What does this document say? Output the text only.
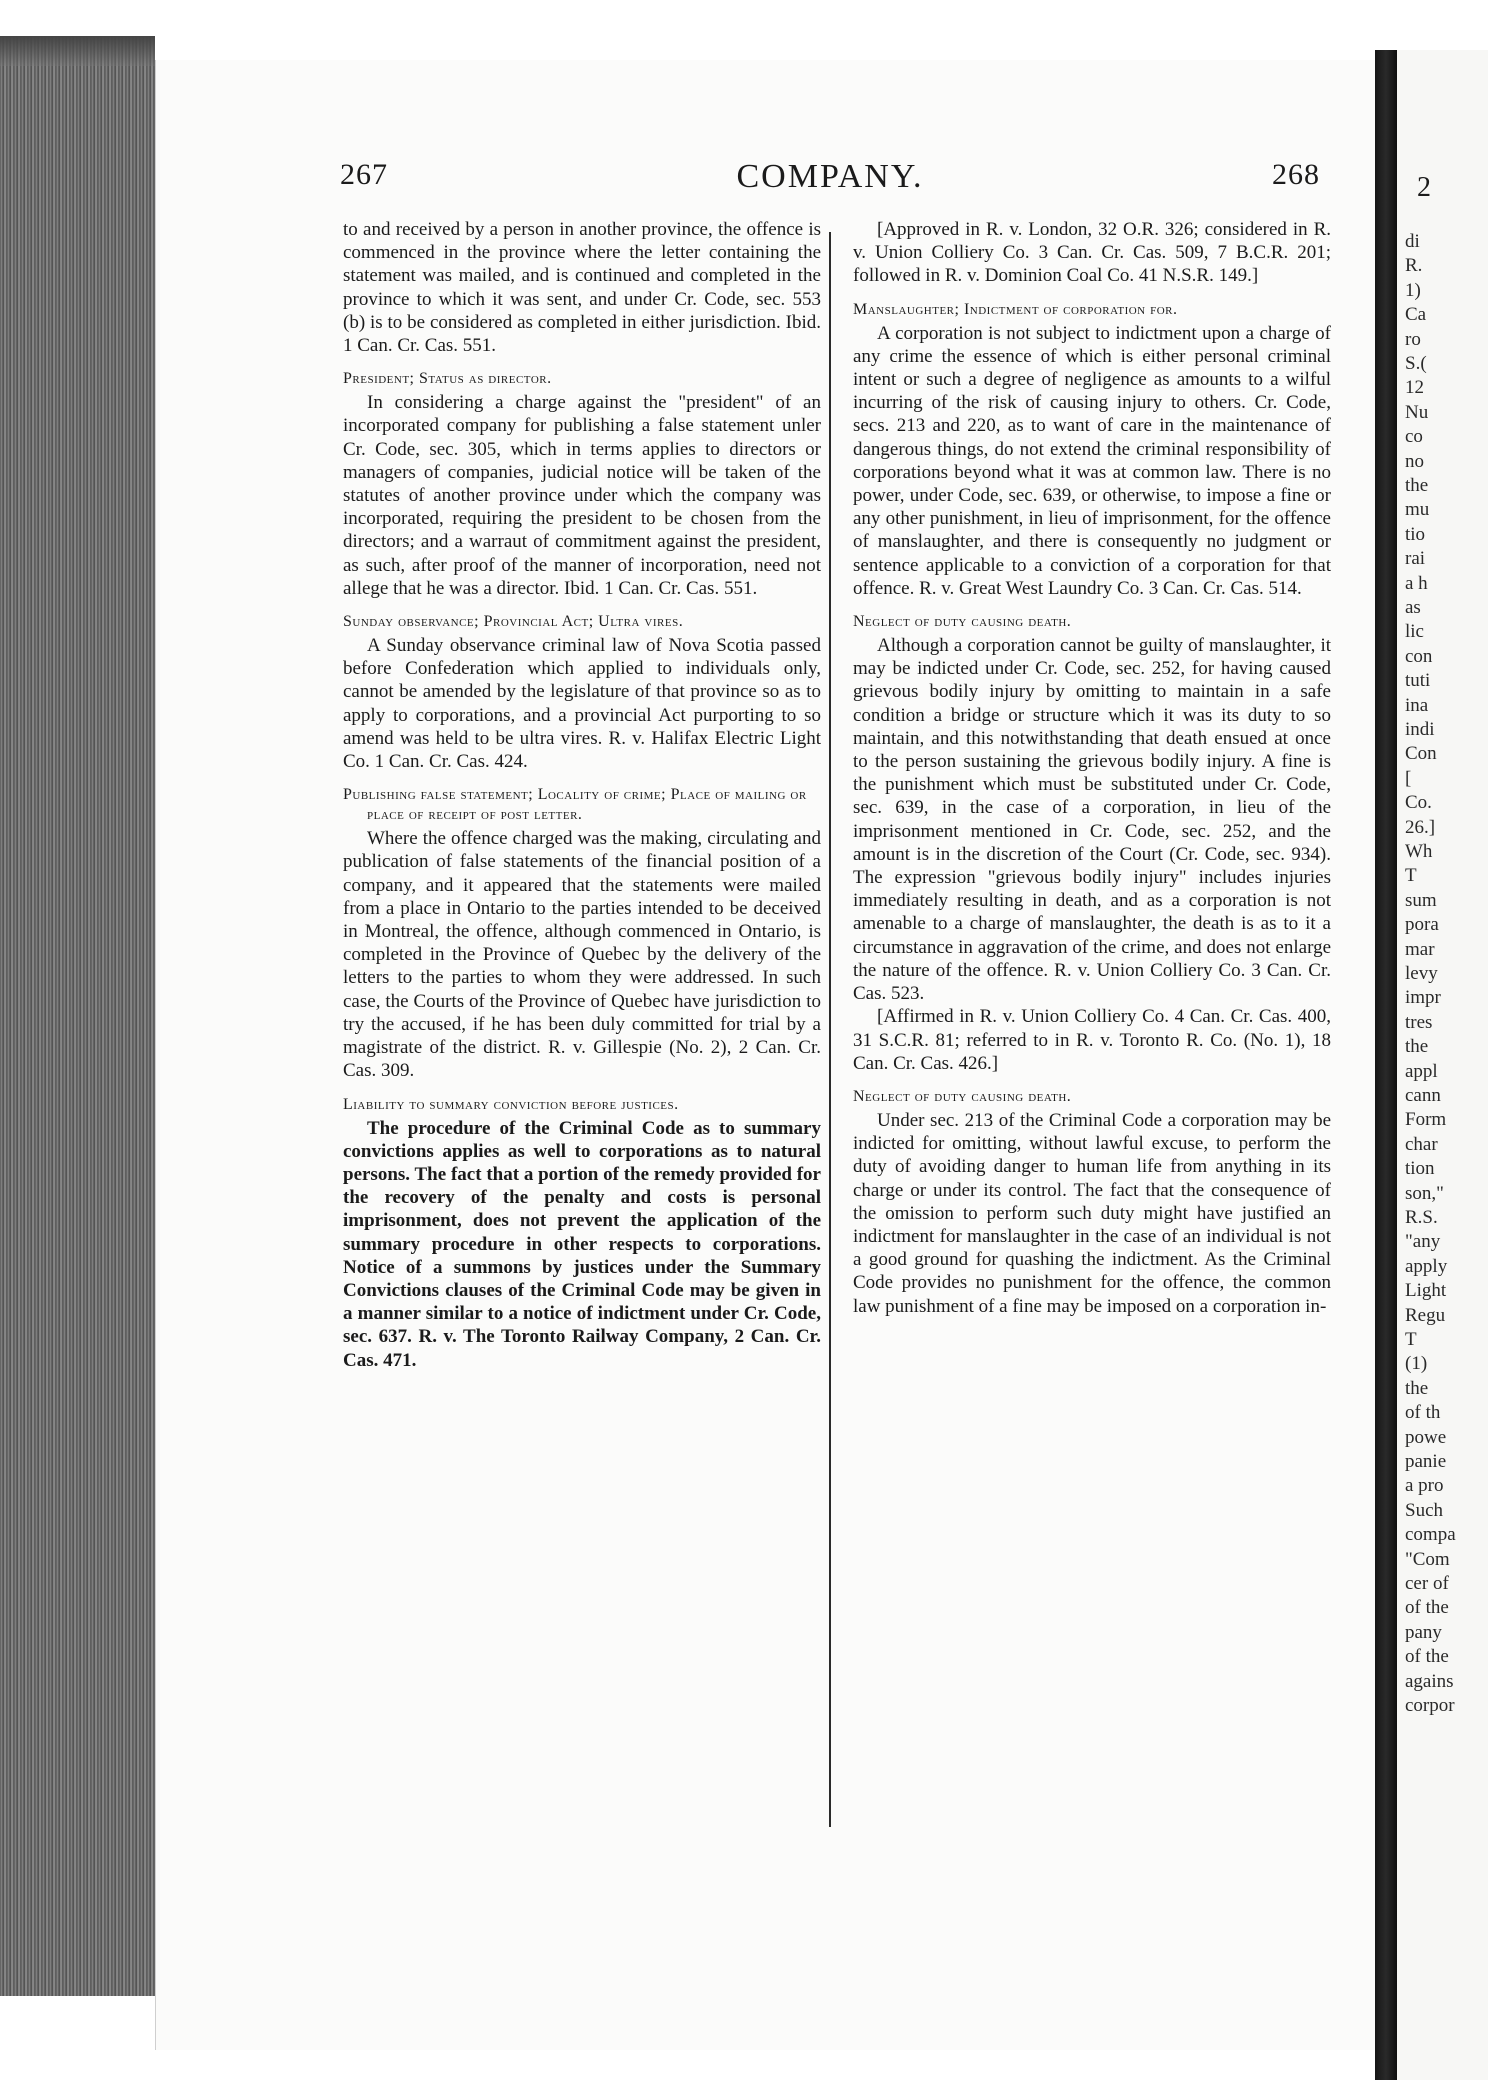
2
di
R.
1)
Ca
ro
S.(
12
Nu
co
no
the
mu
tio
rai
a h
as
lic
con
tuti
ina
indi
Con
[
Co.
26.]
Wh
T
sum
pora
mar
levy
impr
tres
the
appl
cann
Form
char
tion
son,"
R.S.
"any
apply
Light
Regu
T
(1)
the
of th
powe
panie
a pro
Such
compa
"Com
cer of
of the
pany
of the
agains
corpor
267	COMPANY.	268

to and received by a person in another province, the offence is commenced in the province where the letter containing the statement was mailed, and is continued and completed in the province to which it was sent, and under Cr. Code, sec. 553 (b) is to be considered as completed in either jurisdiction. Ibid. 1 Can. Cr. Cas. 551.

President; Status as director.

In considering a charge against the "president" of an incorporated company for publishing a false statement unler Cr. Code, sec. 305, which in terms applies to directors or managers of companies, judicial notice will be taken of the statutes of another province under which the company was incorporated, requiring the president to be chosen from the directors; and a warraut of commitment against the president, as such, after proof of the manner of incorporation, need not allege that he was a director. Ibid. 1 Can. Cr. Cas. 551.

Sunday observance; Provincial Act; Ultra vires.

A Sunday observance criminal law of Nova Scotia passed before Confederation which applied to individuals only, cannot be amended by the legislature of that province so as to apply to corporations, and a provincial Act purporting to so amend was held to be ultra vires. R. v. Halifax Electric Light Co. 1 Can. Cr. Cas. 424.

Publishing false statement; Locality of crime; Place of mailing or place of receipt of post letter.

Where the offence charged was the making, circulating and publication of false statements of the financial position of a company, and it appeared that the statements were mailed from a place in Ontario to the parties intended to be deceived in Montreal, the offence, although commenced in Ontario, is completed in the Province of Quebec by the delivery of the letters to the parties to whom they were addressed. In such case, the Courts of the Province of Quebec have jurisdiction to try the accused, if he has been duly committed for trial by a magistrate of the district. R. v. Gillespie (No. 2), 2 Can. Cr. Cas. 309.

Liability to summary conviction before justices.

The procedure of the Criminal Code as to summary convictions applies as well to corporations as to natural persons. The fact that a portion of the remedy provided for the recovery of the penalty and costs is personal imprisonment, does not prevent the application of the summary procedure in other respects to corporations. Notice of a summons by justices under the Summary Convictions clauses of the Criminal Code may be given in a manner similar to a notice of indictment under Cr. Code, sec. 637. R. v. The Toronto Railway Company, 2 Can. Cr. Cas. 471.

[Approved in R. v. London, 32 O.R. 326; considered in R. v. Union Colliery Co. 3 Can. Cr. Cas. 509, 7 B.C.R. 201; followed in R. v. Dominion Coal Co. 41 N.S.R. 149.]

Manslaughter; Indictment of corporation for.

A corporation is not subject to indictment upon a charge of any crime the essence of which is either personal criminal intent or such a degree of negligence as amounts to a wilful incurring of the risk of causing injury to others. Cr. Code, secs. 213 and 220, as to want of care in the maintenance of dangerous things, do not extend the criminal responsibility of corporations beyond what it was at common law. There is no power, under Code, sec. 639, or otherwise, to impose a fine or any other punishment, in lieu of imprisonment, for the offence of manslaughter, and there is consequently no judgment or sentence applicable to a conviction of a corporation for that offence. R. v. Great West Laundry Co. 3 Can. Cr. Cas. 514.

Neglect of duty causing death.

Although a corporation cannot be guilty of manslaughter, it may be indicted under Cr. Code, sec. 252, for having caused grievous bodily injury by omitting to maintain in a safe condition a bridge or structure which it was its duty to so maintain, and this notwithstanding that death ensued at once to the person sustaining the grievous bodily injury. A fine is the punishment which must be substituted under Cr. Code, sec. 639, in the case of a corporation, in lieu of the imprisonment mentioned in Cr. Code, sec. 252, and the amount is in the discretion of the Court (Cr. Code, sec. 934). The expression "grievous bodily injury" includes injuries immediately resulting in death, and as a corporation is not amenable to a charge of manslaughter, the death is as to it a circumstance in aggravation of the crime, and does not enlarge the nature of the offence. R. v. Union Colliery Co. 3 Can. Cr. Cas. 523.

[Affirmed in R. v. Union Colliery Co. 4 Can. Cr. Cas. 400, 31 S.C.R. 81; referred to in R. v. Toronto R. Co. (No. 1), 18 Can. Cr. Cas. 426.]

Neglect of duty causing death.

Under sec. 213 of the Criminal Code a corporation may be indicted for omitting, without lawful excuse, to perform the duty of avoiding danger to human life from anything in its charge or under its control. The fact that the consequence of the omission to perform such duty might have justified an indictment for manslaughter in the case of an individual is not a good ground for quashing the indictment. As the Criminal Code provides no punishment for the offence, the common law punishment of a fine may be imposed on a corporation in-
